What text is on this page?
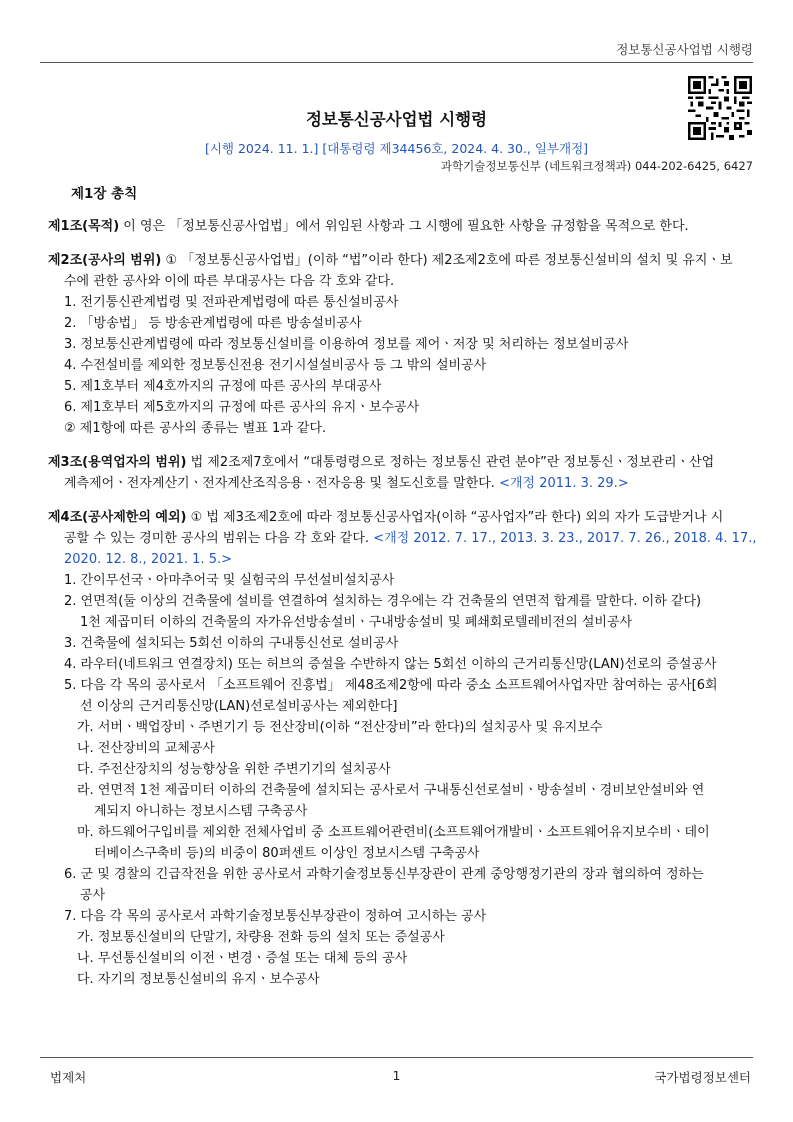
정보통신공사업법 시행령
정보통신공사업법 시행령
[시행 2024. 11. 1.] [대통령령 제34456호, 2024. 4. 30., 일부개정]
과학기술정보통신부 (네트워크정책과) 044-202-6425, 6427
제1장 총칙
제1조(목적) 이 영은 「정보통신공사업법」에서 위임된 사항과 그 시행에 필요한 사항을 규정함을 목적으로 한다.
제2조(공사의 범위) ① 「정보통신공사업법」(이하 “법”이라 한다) 제2조제2호에 따른 정보통신설비의 설치 및 유지ㆍ보
수에 관한 공사와 이에 따른 부대공사는 다음 각 호와 같다.
1. 전기통신관계법령 및 전파관계법령에 따른 통신설비공사
2. 「방송법」 등 방송관계법령에 따른 방송설비공사
3. 정보통신관계법령에 따라 정보통신설비를 이용하여 정보를 제어ㆍ저장 및 처리하는 정보설비공사
4. 수전설비를 제외한 정보통신전용 전기시설설비공사 등 그 밖의 설비공사
5. 제1호부터 제4호까지의 규정에 따른 공사의 부대공사
6. 제1호부터 제5호까지의 규정에 따른 공사의 유지ㆍ보수공사
② 제1항에 따른 공사의 종류는 별표 1과 같다.
제3조(용역업자의 범위) 법 제2조제7호에서 “대통령령으로 정하는 정보통신 관련 분야”란 정보통신ㆍ정보관리ㆍ산업
계측제어ㆍ전자계산기ㆍ전자계산조직응용ㆍ전자응용 및 철도신호를 말한다. <개정 2011. 3. 29.>
제4조(공사제한의 예외) ① 법 제3조제2호에 따라 정보통신공사업자(이하 “공사업자”라 한다) 외의 자가 도급받거나 시
공할 수 있는 경미한 공사의 범위는 다음 각 호와 같다. <개정 2012. 7. 17., 2013. 3. 23., 2017. 7. 26., 2018. 4. 17.,
2020. 12. 8., 2021. 1. 5.>
1. 간이무선국ㆍ아마추어국 및 실험국의 무선설비설치공사
2. 연면적(둘 이상의 건축물에 설비를 연결하여 설치하는 경우에는 각 건축물의 연면적 합계를 말한다. 이하 같다)
1천 제곱미터 이하의 건축물의 자가유선방송설비ㆍ구내방송설비 및 폐쇄회로텔레비전의 설비공사
3. 건축물에 설치되는 5회선 이하의 구내통신선로 설비공사
4. 라우터(네트워크 연결장치) 또는 허브의 증설을 수반하지 않는 5회선 이하의 근거리통신망(LAN)선로의 증설공사
5. 다음 각 목의 공사로서 「소프트웨어 진흥법」 제48조제2항에 따라 중소 소프트웨어사업자만 참여하는 공사[6회
선 이상의 근거리통신망(LAN)선로설비공사는 제외한다]
가. 서버ㆍ백업장비ㆍ주변기기 등 전산장비(이하 “전산장비”라 한다)의 설치공사 및 유지보수
나. 전산장비의 교체공사
다. 주전산장치의 성능향상을 위한 주변기기의 설치공사
라. 연면적 1천 제곱미터 이하의 건축물에 설치되는 공사로서 구내통신선로설비ㆍ방송설비ㆍ경비보안설비와 연
계되지 아니하는 정보시스템 구축공사
마. 하드웨어구입비를 제외한 전체사업비 중 소프트웨어관련비(소프트웨어개발비ㆍ소프트웨어유지보수비ㆍ데이
터베이스구축비 등)의 비중이 80퍼센트 이상인 정보시스템 구축공사
6. 군 및 경찰의 긴급작전을 위한 공사로서 과학기술정보통신부장관이 관계 중앙행정기관의 장과 협의하여 정하는
공사
7. 다음 각 목의 공사로서 과학기술정보통신부장관이 정하여 고시하는 공사
가. 정보통신설비의 단말기, 차량용 전화 등의 설치 또는 증설공사
나. 무선통신설비의 이전ㆍ변경ㆍ증설 또는 대체 등의 공사
다. 자기의 정보통신설비의 유지ㆍ보수공사
법제처	1	국가법령정보센터
